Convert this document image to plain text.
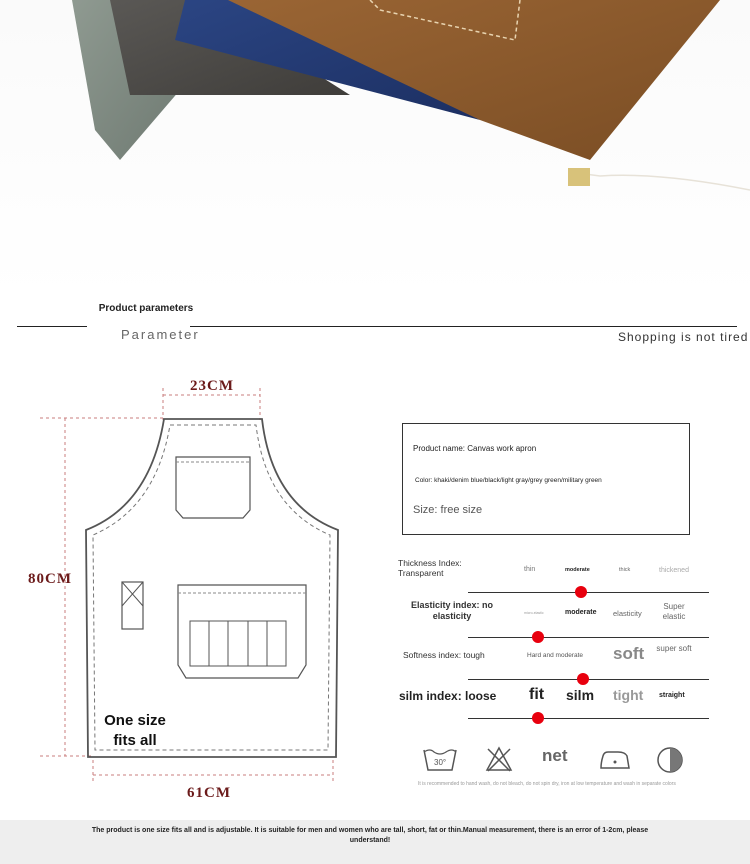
Product parameters
Parameter	Shopping is not tired
23CM
80CM
61CM
One size
fits all
Product name: Canvas work apron
Color: khaki/denim blue/black/light gray/grey green/military green
Size: free size
Thickness Index: Transparent	thin	moderate	thick	thickened
Elasticity index: no elasticity	micro-elastic	moderate elasticity
Super elastic
Softness index: tough	Hard and moderate soft super soft
silm index: loose fit silm tight straight
30°	net
It is recommended to hand wash, do not bleach, do not spin dry, iron at low temperature and wash in separate colors
The product is one size fits all and is adjustable. It is suitable for men and women who are tall, short, fat or thin.Manual measurement, there is an error of 1-2cm, please understand!
